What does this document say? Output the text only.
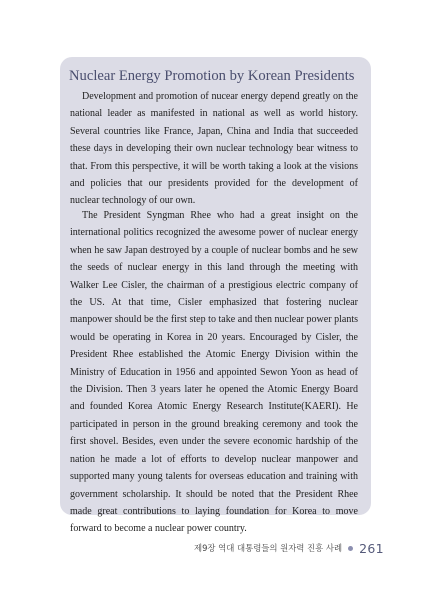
Nuclear Energy Promotion by Korean Presidents

Development and promotion of nucear energy depend greatly on the national leader as manifested in national as well as world history. Several countries like France, Japan, China and India that succeeded these days in developing their own nuclear technology bear witness to that. From this perspective, it will be worth taking a look at the visions and policies that our presidents provided for the development of nuclear technology of our own.

The President Syngman Rhee who had a great insight on the international politics recognized the awesome power of nuclear energy when he saw Japan destroyed by a couple of nuclear bombs and he sew the seeds of nuclear energy in this land through the meeting with Walker Lee Cisler, the chairman of a prestigious electric company of the US. At that time, Cisler emphasized that fostering nuclear manpower should be the first step to take and then nuclear power plants would be operating in Korea in 20 years. Encouraged by Cisler, the President Rhee established the Atomic Energy Division within the Ministry of Education in 1956 and appointed Sewon Yoon as head of the Division. Then 3 years later he opened the Atomic Energy Board and founded Korea Atomic Energy Research Institute(KAERI). He participated in person in the ground breaking ceremony and took the first shovel. Besides, even under the severe economic hardship of the nation he made a lot of efforts to develop nuclear manpower and supported many young talents for overseas education and training with government scholarship. It should be noted that the President Rhee made great contributions to laying foundation for Korea to move forward to become a nuclear power country.

제9장 역대 대통령들의 원자력 진흥 사례 261
